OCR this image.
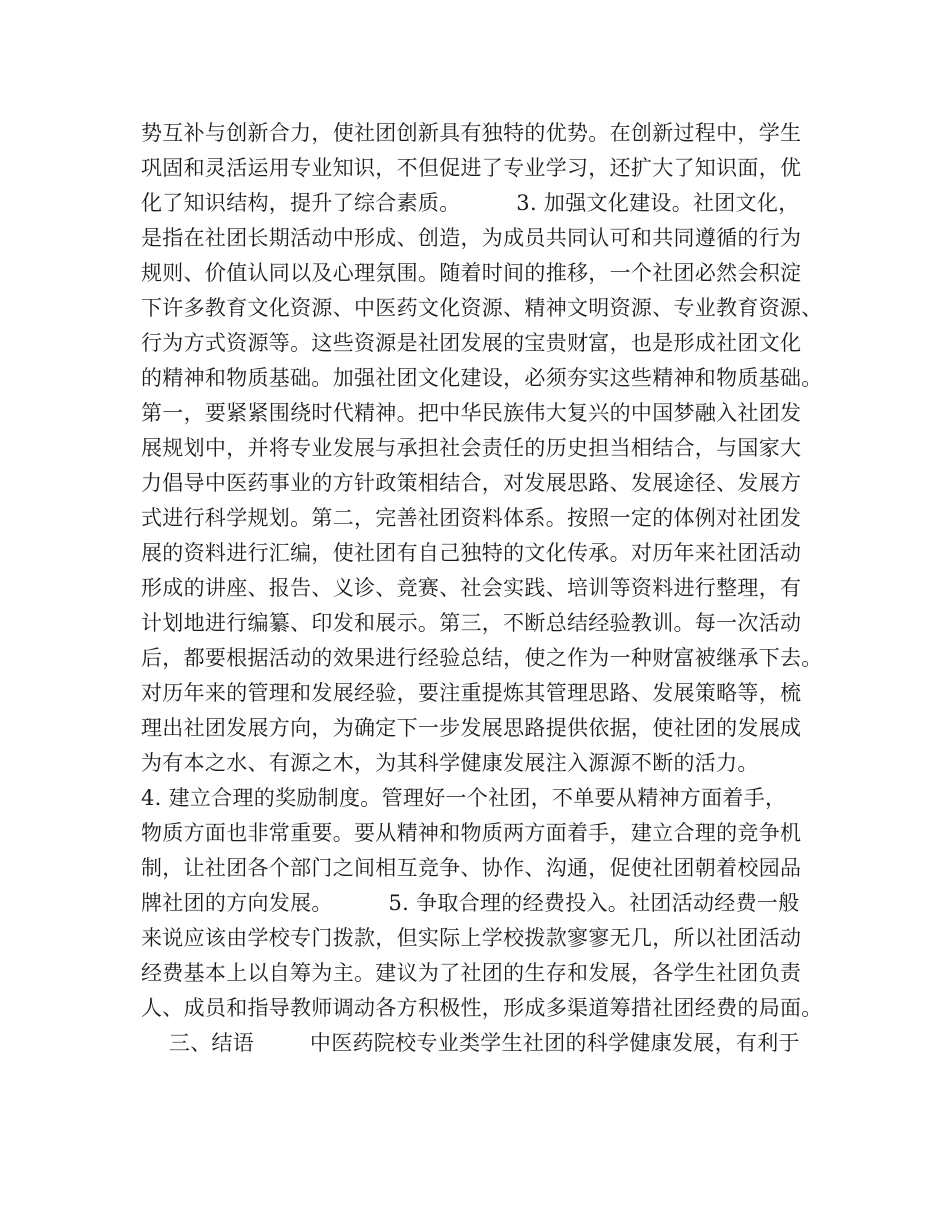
势互补与创新合力，使社团创新具有独特的优势。在创新过程中，学生
巩固和灵活运用专业知识，不但促进了专业学习，还扩大了知识面，优
化了知识结构，提升了综合素质。        3. 加强文化建设。社团文化，
是指在社团长期活动中形成、创造，为成员共同认可和共同遵循的行为
规则、价值认同以及心理氛围。随着时间的推移，一个社团必然会积淀
下许多教育文化资源、中医药文化资源、精神文明资源、专业教育资源、
行为方式资源等。这些资源是社团发展的宝贵财富，也是形成社团文化
的精神和物质基础。加强社团文化建设，必须夯实这些精神和物质基础。
第一，要紧紧围绕时代精神。把中华民族伟大复兴的中国梦融入社团发
展规划中，并将专业发展与承担社会责任的历史担当相结合，与国家大
力倡导中医药事业的方针政策相结合，对发展思路、发展途径、发展方
式进行科学规划。第二，完善社团资料体系。按照一定的体例对社团发
展的资料进行汇编，使社团有自己独特的文化传承。对历年来社团活动
形成的讲座、报告、义诊、竞赛、社会实践、培训等资料进行整理，有
计划地进行编纂、印发和展示。第三，不断总结经验教训。每一次活动
后，都要根据活动的效果进行经验总结，使之作为一种财富被继承下去。
对历年来的管理和发展经验，要注重提炼其管理思路、发展策略等，梳
理出社团发展方向，为确定下一步发展思路提供依据，使社团的发展成
为有本之水、有源之木，为其科学健康发展注入源源不断的活力。
4. 建立合理的奖励制度。管理好一个社团，不单要从精神方面着手，
物质方面也非常重要。要从精神和物质两方面着手，建立合理的竞争机
制，让社团各个部门之间相互竞争、协作、沟通，促使社团朝着校园品
牌社团的方向发展。        5. 争取合理的经费投入。社团活动经费一般
来说应该由学校专门拨款，但实际上学校拨款寥寥无几，所以社团活动
经费基本上以自筹为主。建议为了社团的生存和发展，各学生社团负责
人、成员和指导教师调动各方积极性，形成多渠道筹措社团经费的局面。
三、结语        中医药院校专业类学生社团的科学健康发展，有利于
